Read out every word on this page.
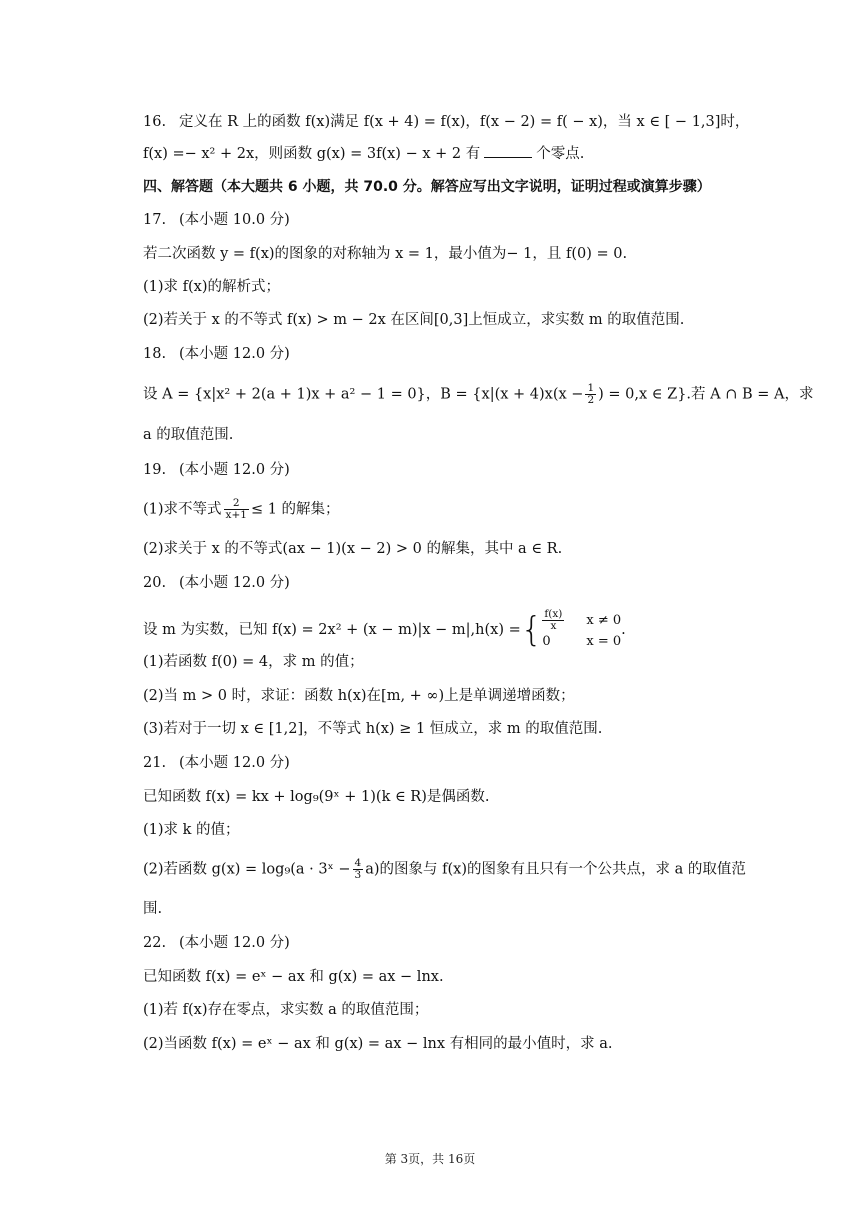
16. 定义在 R 上的函数 f(x)满足 f(x + 4) = f(x)，f(x − 2) = f( − x)，当 x ∈ [ − 1,3]时，
f(x) =− x² + 2x，则函数 g(x) = 3f(x) − x + 2 有	个零点.
四、解答题（本大题共 6 小题，共 70.0 分。解答应写出文字说明，证明过程或演算步骤）
17. (本小题 10.0 分)
若二次函数 y = f(x)的图象的对称轴为 x = 1，最小值为− 1，且 f(0) = 0.
(1)求 f(x)的解析式；
(2)若关于 x 的不等式 f(x) > m − 2x 在区间[0,3]上恒成立，求实数 m 的取值范围.
18. (本小题 12.0 分)
设 A = {x|x² + 2(a + 1)x + a² − 1 = 0}，$B = \{x|(x + 4)x(x - \frac{1}{2}$ ) = 0,x ∈ Z}.若 A ∩ B = A，求
a 的取值范围.
19. (本小题 12.0 分)
(1)求不等式 $\frac{2}{x+1} \le 1$ 的解集；
(2)求关于 x 的不等式(ax − 1)(x − 2) > 0 的解集，其中 a ∈ R.
20. (本小题 12.0 分)
设 m 为实数，已知 f(x) = 2x² + (x − m)|x − m|,h(x) ={ $\frac{f(x)}{x}$ x ≠ 0
0	x = 0
.
(1)若函数 f(0) = 4，求 m 的值；
(2)当 m > 0 时，求证：函数 h(x)在[m, + ∞)上是单调递增函数；
(3)若对于一切 x ∈ [1,2]，不等式 h(x) ≥ 1 恒成立，求 m 的取值范围.
21. (本小题 12.0 分)
已知函数 f(x) = kx + log₉(9ˣ + 1)(k ∈ R)是偶函数.
(1)求 k 的值；
(2)若函数 g(x) = log₉(a · 3ˣ − $\frac{4}{3} a$)的图象与 f(x)的图象有且只有一个公共点，求 a 的取值范
围.
22. (本小题 12.0 分)
已知函数 f(x) = eˣ − ax 和 g(x) = ax − lnx.
(1)若 f(x)存在零点，求实数 a 的取值范围；
(2)当函数 f(x) = eˣ − ax 和 g(x) = ax − lnx 有相同的最小值时，求 a.
第 3页，共 16页
